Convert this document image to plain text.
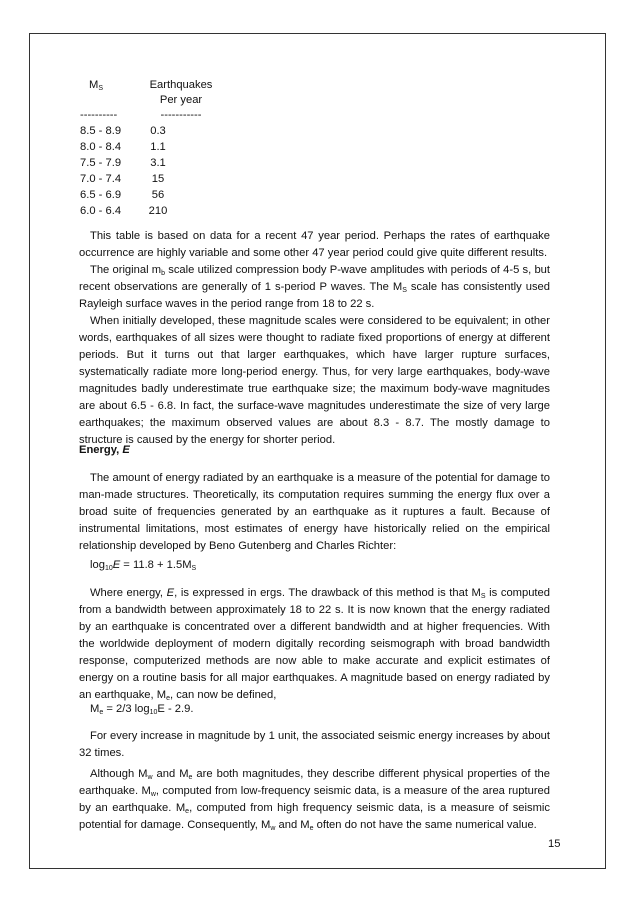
$M_S$	Earthquakes
Per year
----------	-----------
8.5 - 8.9	0.3
8.0 - 8.4	1.1
7.5 - 7.9	3.1
7.0 - 7.4	15
6.5 - 6.9	56
6.0 - 6.4	210

This table is based on data for a recent 47 year period. Perhaps the rates of earthquake occurrence are highly variable and some other 47 year period could give quite different results.

The original $m_b$ scale utilized compression body P-wave amplitudes with periods of 4-5 s, but recent observations are generally of 1 s-period P waves. The $M_S$ scale has consistently used Rayleigh surface waves in the period range from 18 to 22 s.

When initially developed, these magnitude scales were considered to be equivalent; in other words, earthquakes of all sizes were thought to radiate fixed proportions of energy at different periods. But it turns out that larger earthquakes, which have larger rupture surfaces, systematically radiate more long-period energy. Thus, for very large earthquakes, body-wave magnitudes badly underestimate true earthquake size; the maximum body-wave magnitudes are about 6.5 - 6.8. In fact, the surface-wave magnitudes underestimate the size of very large earthquakes; the maximum observed values are about 8.3 - 8.7. The mostly damage to structure is caused by the energy for shorter period.

Energy, E

The amount of energy radiated by an earthquake is a measure of the potential for damage to man-made structures. Theoretically, its computation requires summing the energy flux over a broad suite of frequencies generated by an earthquake as it ruptures a fault. Because of instrumental limitations, most estimates of energy have historically relied on the empirical relationship developed by Beno Gutenberg and Charles Richter:

$\log_{10}E = 11.8 + 1.5M_S$

Where energy, E, is expressed in ergs. The drawback of this method is that $M_S$ is computed from a bandwidth between approximately 18 to 22 s. It is now known that the energy radiated by an earthquake is concentrated over a different bandwidth and at higher frequencies. With the worldwide deployment of modern digitally recording seismograph with broad bandwidth response, computerized methods are now able to make accurate and explicit estimates of energy on a routine basis for all major earthquakes. A magnitude based on energy radiated by an earthquake, $M_e$, can now be defined,

$M_e = 2/3$ $\log_{10}E - 2.9$.

For every increase in magnitude by 1 unit, the associated seismic energy increases by about 32 times.

Although $M_w$ and $M_e$ are both magnitudes, they describe different physical properties of the earthquake. $M_w$, computed from low-frequency seismic data, is a measure of the area ruptured by an earthquake. $M_e$, computed from high frequency seismic data, is a measure of seismic potential for damage. Consequently, $M_w$ and $M_e$ often do not have the same numerical value.

15
